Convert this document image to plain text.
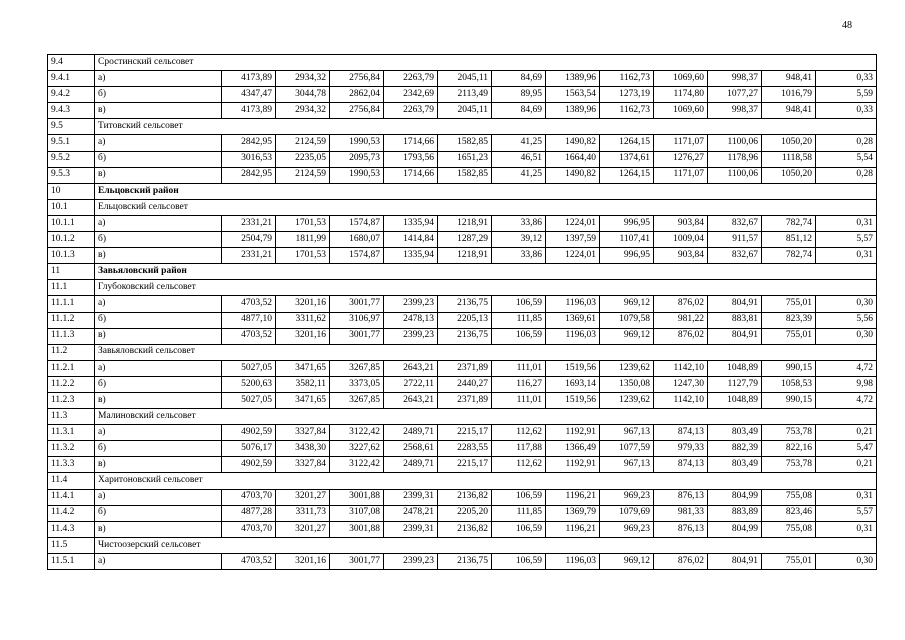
48
9.4	Сростинский сельсовет												
9.4.1	а)	4173,89	2934,32	2756,84	2263,79	2045,11	84,69	1389,96	1162,73	1069,60	998,37	948,41	0,33
9.4.2	б)	4347,47	3044,78	2862,04	2342,69	2113,49	89,95	1563,54	1273,19	1174,80	1077,27	1016,79	5,59
9.4.3	в)	4173,89	2934,32	2756,84	2263,79	2045,11	84,69	1389,96	1162,73	1069,60	998,37	948,41	0,33
9.5	Титовский сельсовет												
9.5.1	а)	2842,95	2124,59	1990,53	1714,66	1582,85	41,25	1490,82	1264,15	1171,07	1100,06	1050,20	0,28
9.5.2	б)	3016,53	2235,05	2095,73	1793,56	1651,23	46,51	1664,40	1374,61	1276,27	1178,96	1118,58	5,54
9.5.3	в)	2842,95	2124,59	1990,53	1714,66	1582,85	41,25	1490,82	1264,15	1171,07	1100,06	1050,20	0,28
10	Ельцовский район												
10.1	Ельцовский сельсовет												
10.1.1	а)	2331,21	1701,53	1574,87	1335,94	1218,91	33,86	1224,01	996,95	903,84	832,67	782,74	0,31
10.1.2	б)	2504,79	1811,99	1680,07	1414,84	1287,29	39,12	1397,59	1107,41	1009,04	911,57	851,12	5,57
10.1.3	в)	2331,21	1701,53	1574,87	1335,94	1218,91	33,86	1224,01	996,95	903,84	832,67	782,74	0,31
11	Завьяловский район												
11.1	Глубоковский сельсовет												
11.1.1	а)	4703,52	3201,16	3001,77	2399,23	2136,75	106,59	1196,03	969,12	876,02	804,91	755,01	0,30
11.1.2	б)	4877,10	3311,62	3106,97	2478,13	2205,13	111,85	1369,61	1079,58	981,22	883,81	823,39	5,56
11.1.3	в)	4703,52	3201,16	3001,77	2399,23	2136,75	106,59	1196,03	969,12	876,02	804,91	755,01	0,30
11.2	Завьяловский сельсовет												
11.2.1	а)	5027,05	3471,65	3267,85	2643,21	2371,89	111,01	1519,56	1239,62	1142,10	1048,89	990,15	4,72
11.2.2	б)	5200,63	3582,11	3373,05	2722,11	2440,27	116,27	1693,14	1350,08	1247,30	1127,79	1058,53	9,98
11.2.3	в)	5027,05	3471,65	3267,85	2643,21	2371,89	111,01	1519,56	1239,62	1142,10	1048,89	990,15	4,72
11.3	Малиновский сельсовет												
11.3.1	а)	4902,59	3327,84	3122,42	2489,71	2215,17	112,62	1192,91	967,13	874,13	803,49	753,78	0,21
11.3.2	б)	5076,17	3438,30	3227,62	2568,61	2283,55	117,88	1366,49	1077,59	979,33	882,39	822,16	5,47
11.3.3	в)	4902,59	3327,84	3122,42	2489,71	2215,17	112,62	1192,91	967,13	874,13	803,49	753,78	0,21
11.4	Харитоновский сельсовет												
11.4.1	а)	4703,70	3201,27	3001,88	2399,31	2136,82	106,59	1196,21	969,23	876,13	804,99	755,08	0,31
11.4.2	б)	4877,28	3311,73	3107,08	2478,21	2205,20	111,85	1369,79	1079,69	981,33	883,89	823,46	5,57
11.4.3	в)	4703,70	3201,27	3001,88	2399,31	2136,82	106,59	1196,21	969,23	876,13	804,99	755,08	0,31
11.5	Чистоозерский сельсовет												
11.5.1	а)	4703,52	3201,16	3001,77	2399,23	2136,75	106,59	1196,03	969,12	876,02	804,91	755,01	0,30
